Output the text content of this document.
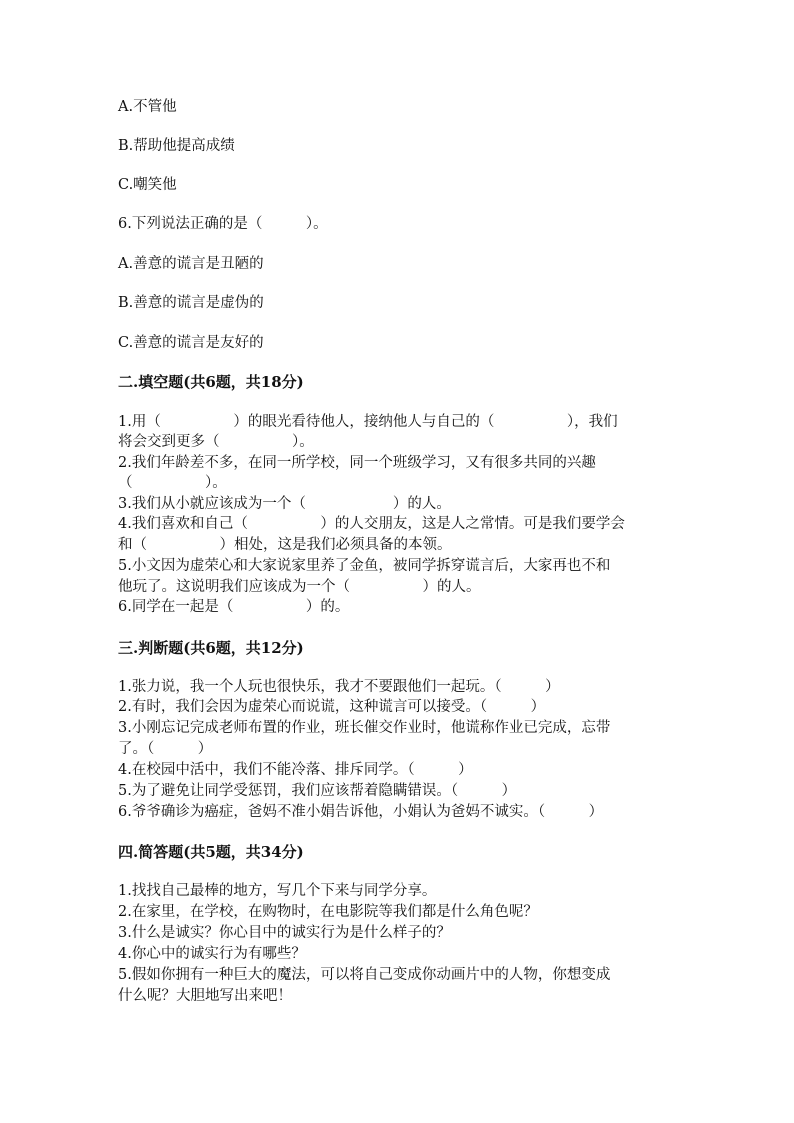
A.不管他
B.帮助他提高成绩
C.嘲笑他
6.下列说法正确的是（　　　）。
A.善意的谎言是丑陋的
B.善意的谎言是虚伪的
C.善意的谎言是友好的
二.填空题(共6题，共18分)
1.用（　　　　　）的眼光看待他人，接纳他人与自己的（　　　　　），我们
将会交到更多（　　　　　）。
2.我们年龄差不多，在同一所学校，同一个班级学习，又有很多共同的兴趣
（　　　　　）。
3.我们从小就应该成为一个（　　　　　　）的人。
4.我们喜欢和自己（　　　　　）的人交朋友，这是人之常情。可是我们要学会
和（　　　　　）相处，这是我们必须具备的本领。
5.小文因为虚荣心和大家说家里养了金鱼，被同学拆穿谎言后，大家再也不和
他玩了。这说明我们应该成为一个（　　　　　）的人。
6.同学在一起是（　　　　　）的。
三.判断题(共6题，共12分)
1.张力说，我一个人玩也很快乐，我才不要跟他们一起玩。（　　　）
2.有时，我们会因为虚荣心而说谎，这种谎言可以接受。（　　　）
3.小刚忘记完成老师布置的作业，班长催交作业时，他谎称作业已完成，忘带
了。（　　　）
4.在校园中活中，我们不能冷落、排斥同学。（　　　）
5.为了避免让同学受惩罚，我们应该帮着隐瞒错误。（　　　）
6.爷爷确诊为癌症，爸妈不准小娟告诉他，小娟认为爸妈不诚实。（　　　）
四.简答题(共5题，共34分)
1.找找自己最棒的地方，写几个下来与同学分享。
2.在家里，在学校，在购物时，在电影院等我们都是什么角色呢？
3.什么是诚实？你心目中的诚实行为是什么样子的？
4.你心中的诚实行为有哪些？
5.假如你拥有一种巨大的魔法，可以将自己变成你动画片中的人物，你想变成
什么呢？大胆地写出来吧！
